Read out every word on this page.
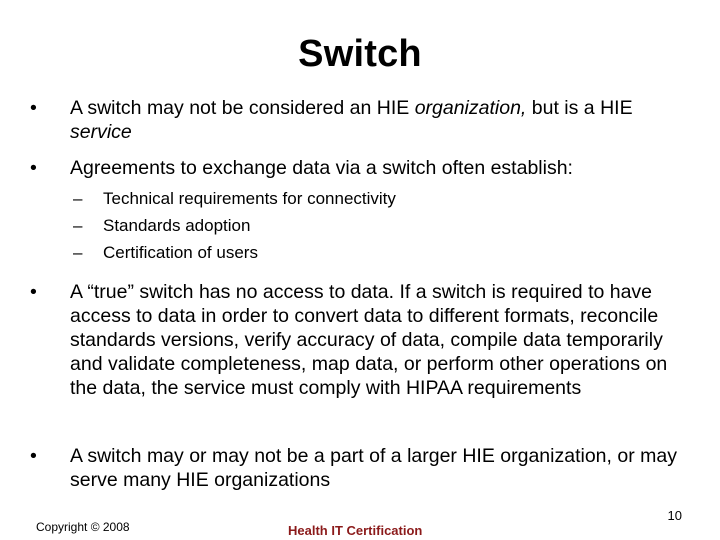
Switch
•	A switch may not be considered an HIE organization, but is a HIE service
•	Agreements to exchange data via a switch often establish:
– Technical requirements for connectivity
– Standards adoption
– Certification of users
•	A “true” switch has no access to data. If a switch is required to have access to data in order to convert data to different formats, reconcile standards versions, verify accuracy of data, compile data temporarily and validate completeness, map data, or perform other operations on the data, the service must comply with HIPAA requirements
•	A switch may or may not be a part of a larger HIE organization, or may serve many HIE organizations
10
Copyright © 2008	Health IT Certification
